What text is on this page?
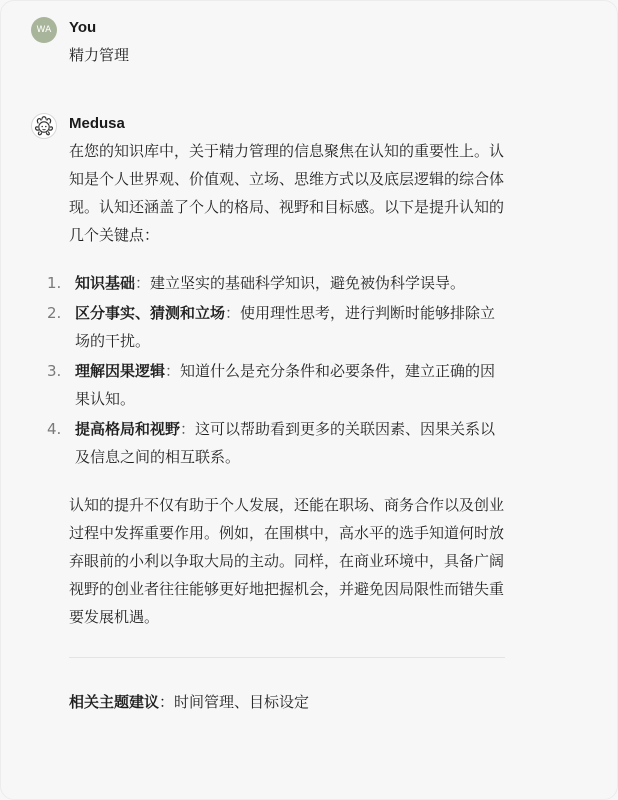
WA You

精力管理

Medusa

在您的知识库中，关于精力管理的信息聚焦在认知的重要性上。认知是个人世界观、价值观、立场、思维方式以及底层逻辑的综合体现。认知还涵盖了个人的格局、视野和目标感。以下是提升认知的几个关键点：

1. 知识基础：建立坚实的基础科学知识，避免被伪科学误导。
2. 区分事实、猜测和立场：使用理性思考，进行判断时能够排除立场的干扰。
3. 理解因果逻辑：知道什么是充分条件和必要条件，建立正确的因果认知。
4. 提高格局和视野：这可以帮助看到更多的关联因素、因果关系以及信息之间的相互联系。

认知的提升不仅有助于个人发展，还能在职场、商务合作以及创业过程中发挥重要作用。例如，在围棋中，高水平的选手知道何时放弃眼前的小利以争取大局的主动。同样，在商业环境中，具备广阔视野的创业者往往能够更好地把握机会，并避免因局限性而错失重要发展机遇。

相关主题建议：时间管理、目标设定
